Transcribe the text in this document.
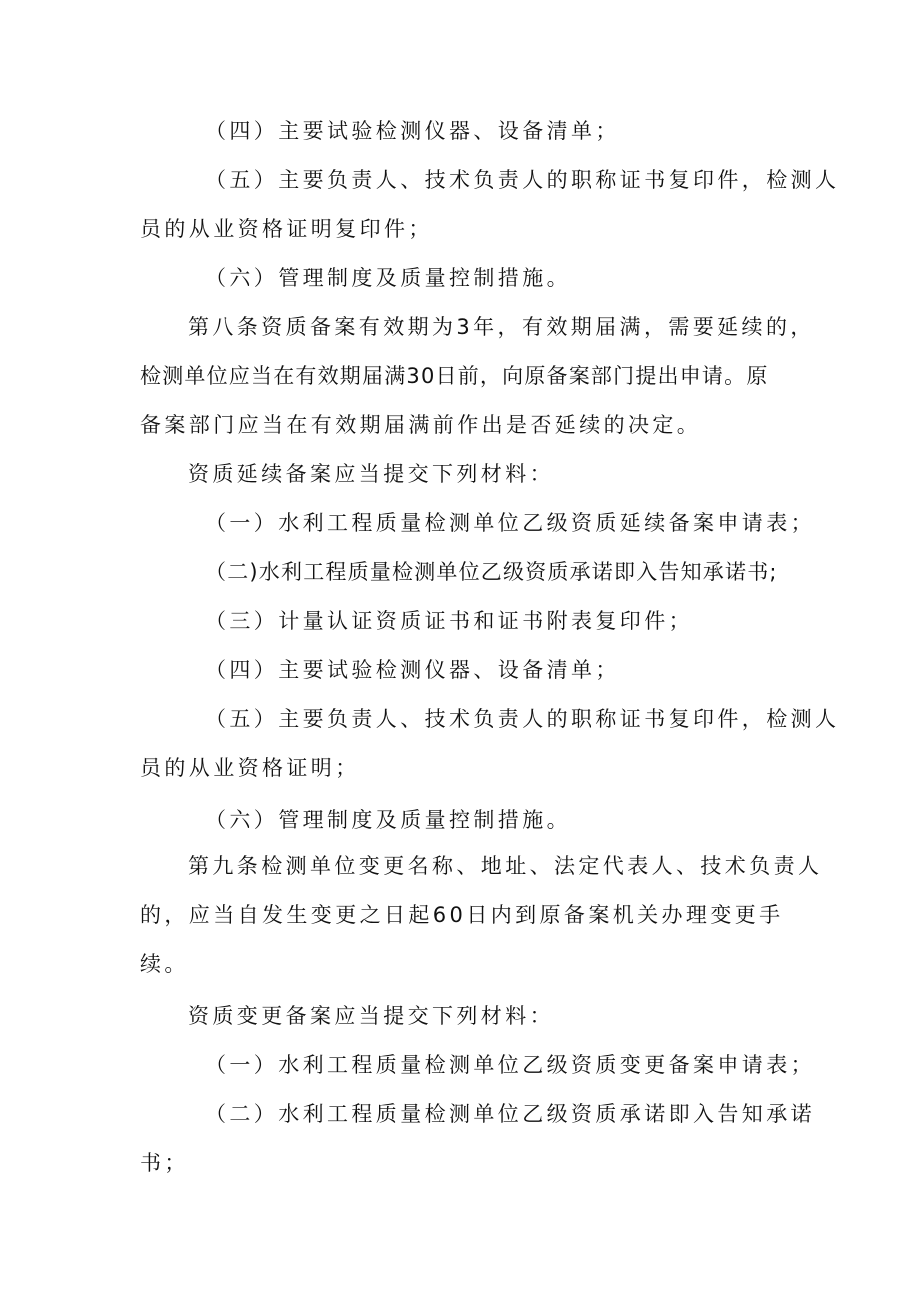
（四）主要试验检测仪器、设备清单；
（五）主要负责人、技术负责人的职称证书复印件，检测人
员的从业资格证明复印件；
（六）管理制度及质量控制措施。
第八条资质备案有效期为3年，有效期届满，需要延续的，
检测单位应当在有效期届满30日前，向原备案部门提出申请。原
备案部门应当在有效期届满前作出是否延续的决定。
资质延续备案应当提交下列材料：
（一）水利工程质量检测单位乙级资质延续备案申请表；
（二)水利工程质量检测单位乙级资质承诺即入告知承诺书;
（三）计量认证资质证书和证书附表复印件；
（四）主要试验检测仪器、设备清单；
（五）主要负责人、技术负责人的职称证书复印件，检测人
员的从业资格证明；
（六）管理制度及质量控制措施。
第九条检测单位变更名称、地址、法定代表人、技术负责人
的，应当自发生变更之日起60日内到原备案机关办理变更手
续。
资质变更备案应当提交下列材料：
（一）水利工程质量检测单位乙级资质变更备案申请表；
（二）水利工程质量检测单位乙级资质承诺即入告知承诺
书；
